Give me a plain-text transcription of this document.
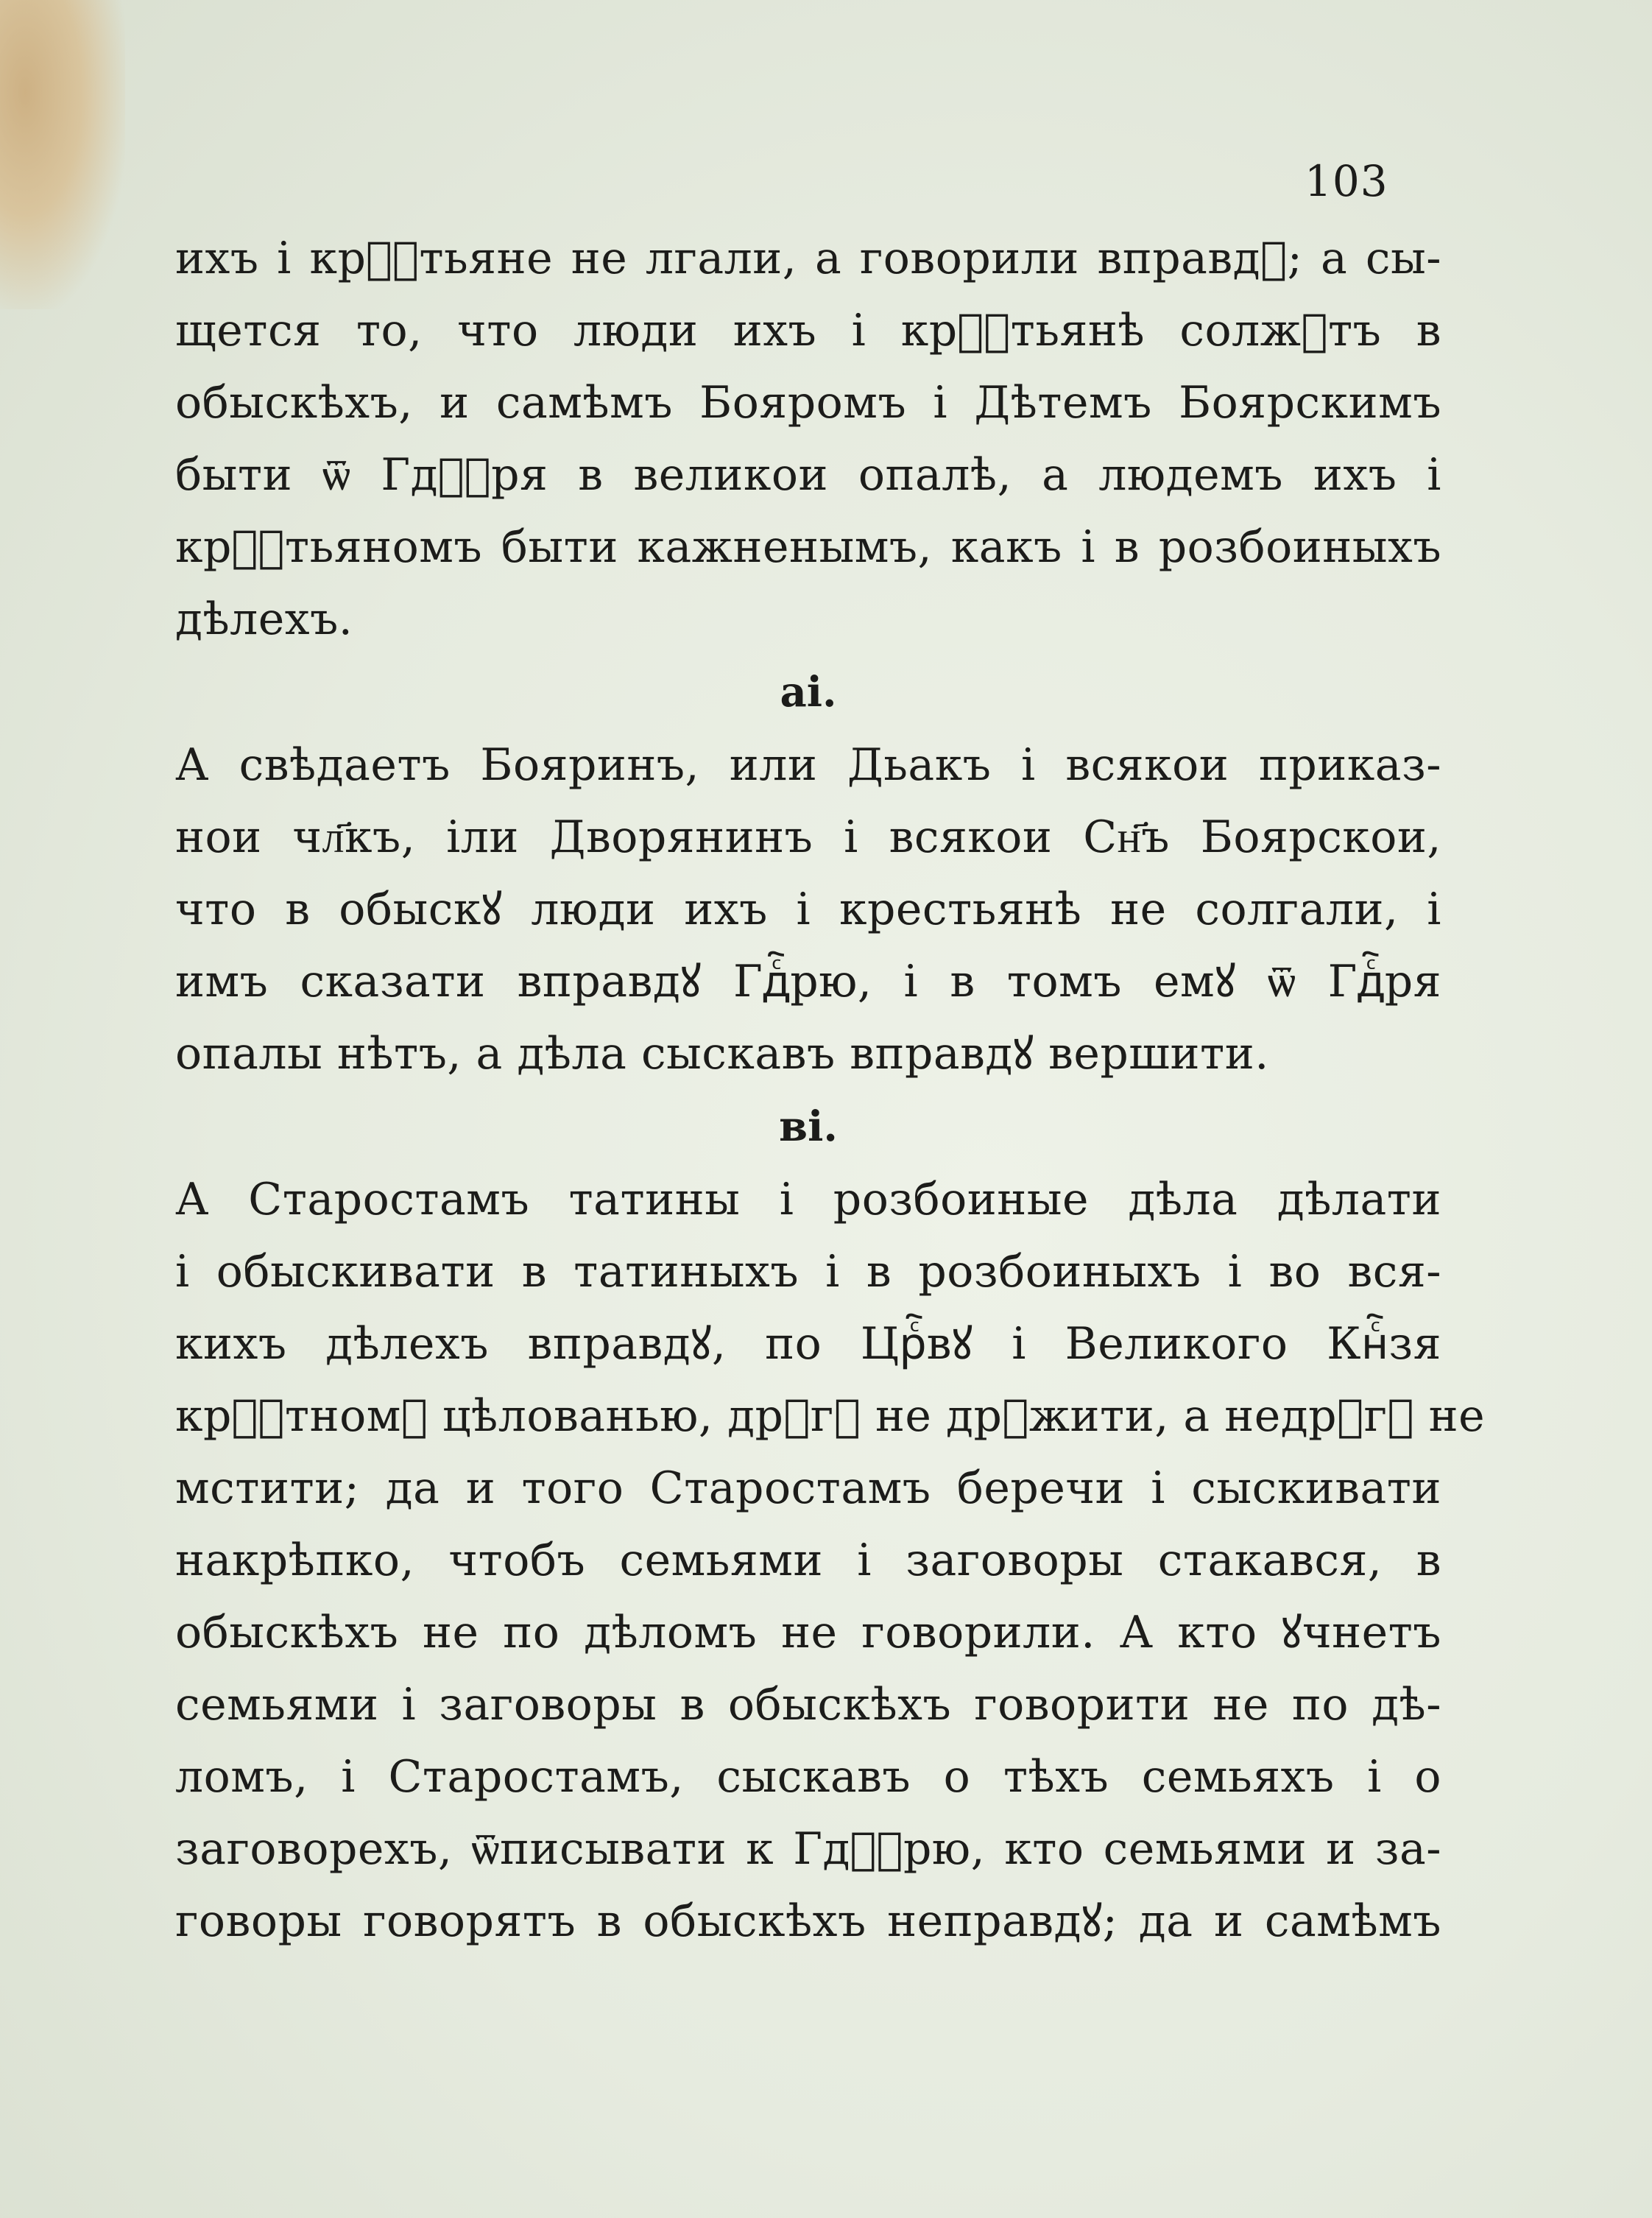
103
ихъ і крⷭ҇тьяне не лгали, а говорили вправдꙋ; а сы-
щется то, что люди ихъ і крⷭ҇тьянѣ солжꙋтъ в
обыскѣхъ, и самѣмъ Бояромъ і Дѣтемъ Боярскимъ
быти ѿ Гдⷭ҇ря в великои опалѣ, а людемъ ихъ і
крⷭ҇тьяномъ быти кажненымъ, какъ і в розбоиныхъ
дѣлехъ.
аі.
А свѣдаетъ Бояринъ, или Дьакъ і всякои приказ-
нои чл҃къ, іли Дворянинъ і всякои Сн҃ъ Боярскои,
что в обыскꙋ люди ихъ і крестьянѣ не солгали, і
имъ сказати вправдꙋ Гдⷭ҇рю, і в томъ емꙋ ѿ Гдⷭ҇ря
опалы нѣтъ, а дѣла сыскавъ вправдꙋ вершити.
ві.
А Старостамъ татины і розбоиные дѣла дѣлати
і обыскивати в татиныхъ і в розбоиныхъ і во вся-
кихъ дѣлехъ вправдꙋ, по Црⷭ҇вꙋ і Великого Кнⷭ҇зя
крⷭ҇тномꙋ цѣлованью, дрꙋгꙋ не дрꙋжити, а недрꙋгꙋ не
мстити; да и того Старостамъ беречи і сыскивати
накрѣпко, чтобъ семьями і заговоры стакався, в
обыскѣхъ не по дѣломъ не говорили. А кто ꙋчнетъ
семьями і заговоры в обыскѣхъ говорити не по дѣ-
ломъ, і Старостамъ, сыскавъ о тѣхъ семьяхъ і о
заговорехъ, ѿписывати к Гдⷭ҇рю, кто семьями и за-
говоры говорятъ в обыскѣхъ неправдꙋ; да и самѣмъ
